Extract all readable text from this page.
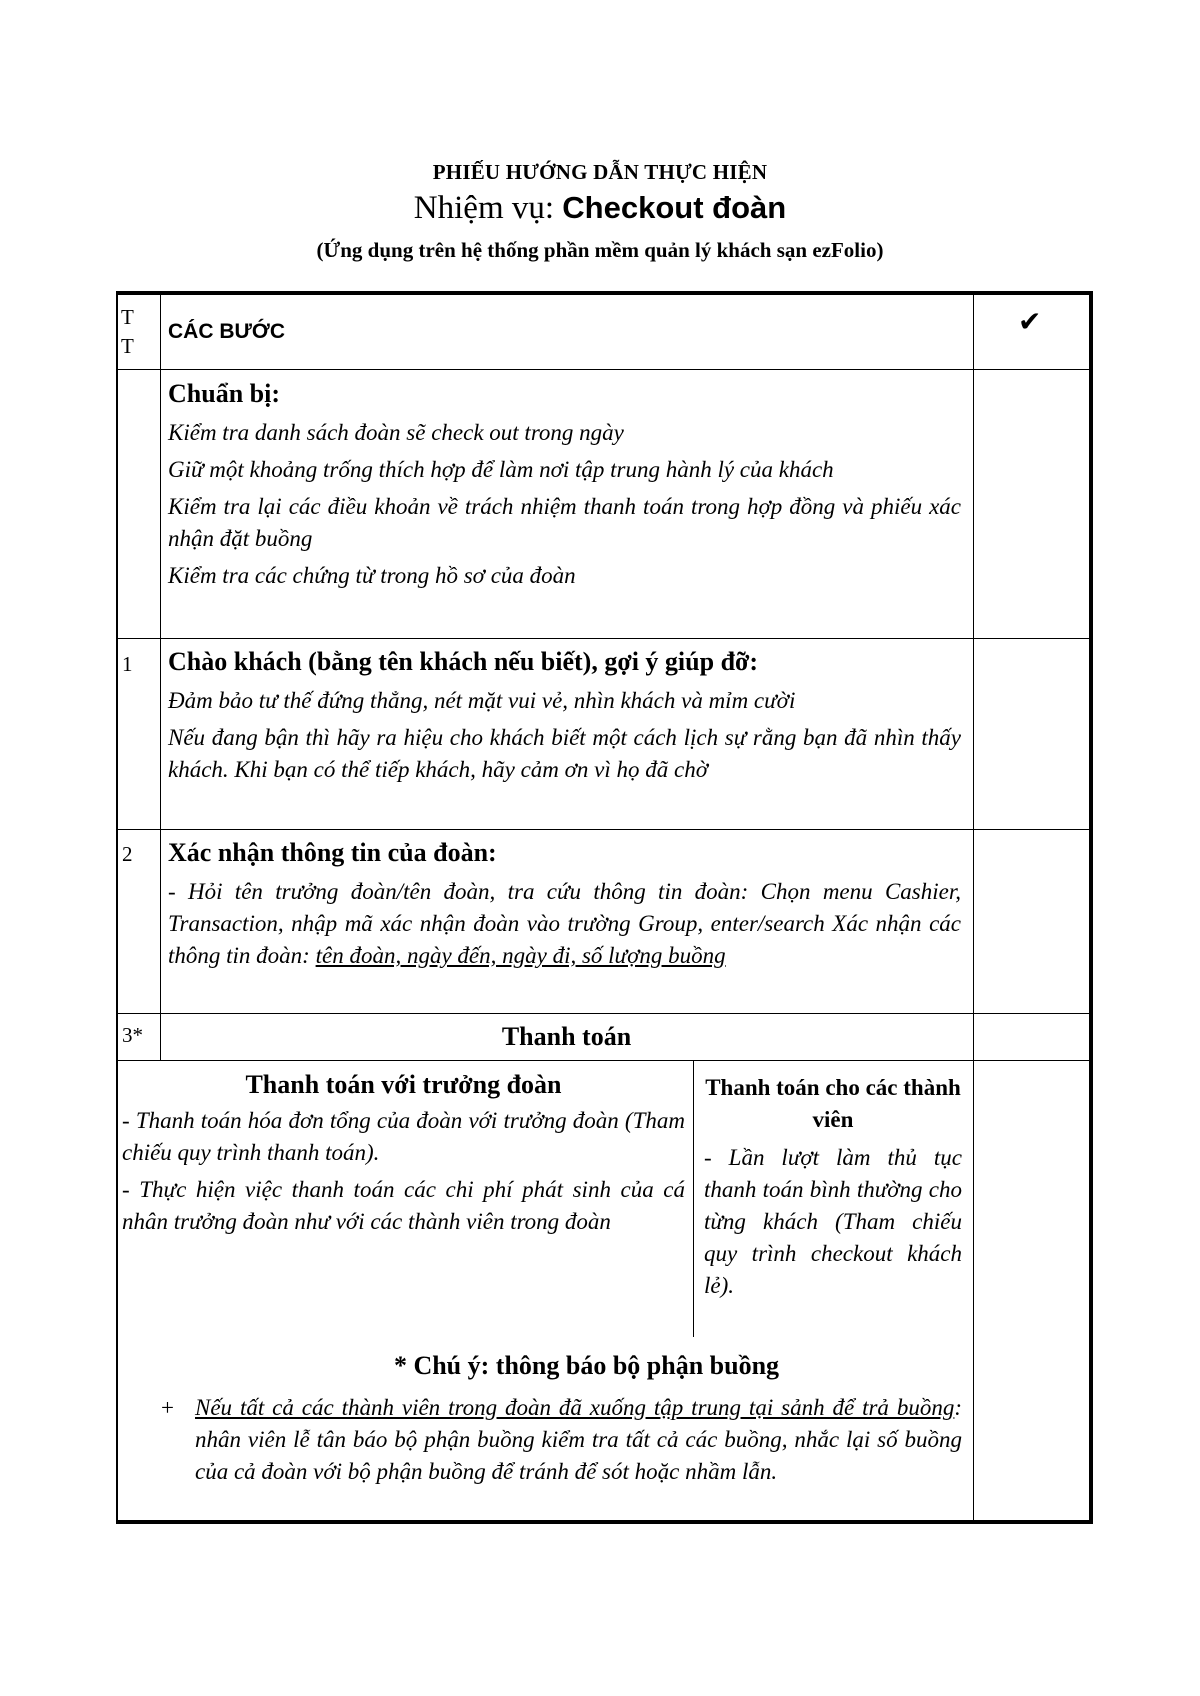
PHIẾU HƯỚNG DẪN THỰC HIỆN
Nhiệm vụ: Checkout đoàn
(Ứng dụng trên hệ thống phần mềm quản lý khách sạn ezFolio)
T
T
CÁC BƯỚC	✔
Chuẩn bị:
Kiểm tra danh sách đoàn sẽ check out trong ngày
Giữ một khoảng trống thích hợp để làm nơi tập trung hành lý của khách
Kiểm tra lại các điều khoản về trách nhiệm thanh toán trong hợp đồng và phiếu xác nhận đặt buồng
Kiểm tra các chứng từ trong hồ sơ của đoàn
1 Chào khách (bằng tên khách nếu biết), gợi ý giúp đỡ:
Đảm bảo tư thế đứng thẳng, nét mặt vui vẻ, nhìn khách và mỉm cười
Nếu đang bận thì hãy ra hiệu cho khách biết một cách lịch sự rằng bạn đã nhìn thấy khách. Khi bạn có thể tiếp khách, hãy cảm ơn vì họ đã chờ
2 Xác nhận thông tin của đoàn:
- Hỏi tên trưởng đoàn/tên đoàn, tra cứu thông tin đoàn: Chọn menu Cashier, Transaction, nhập mã xác nhận đoàn vào trường Group, enter/search Xác nhận các thông tin đoàn: tên đoàn, ngày đến, ngày đi, số lượng buồng
3*	Thanh toán
Thanh toán với trưởng đoàn
- Thanh toán hóa đơn tổng của đoàn với trưởng đoàn (Tham chiếu quy trình thanh toán).
- Thực hiện việc thanh toán các chi phí phát sinh của cá nhân trưởng đoàn như với các thành viên trong đoàn
Thanh toán cho các thành viên
- Lần lượt làm thủ tục thanh toán bình thường cho từng khách (Tham chiếu quy trình checkout khách lẻ).
* Chú ý: thông báo bộ phận buồng
+ Nếu tất cả các thành viên trong đoàn đã xuống tập trung tại sảnh để trả buồng: nhân viên lễ tân báo bộ phận buồng kiểm tra tất cả các buồng, nhắc lại số buồng của cả đoàn với bộ phận buồng để tránh để sót hoặc nhầm lẫn.
